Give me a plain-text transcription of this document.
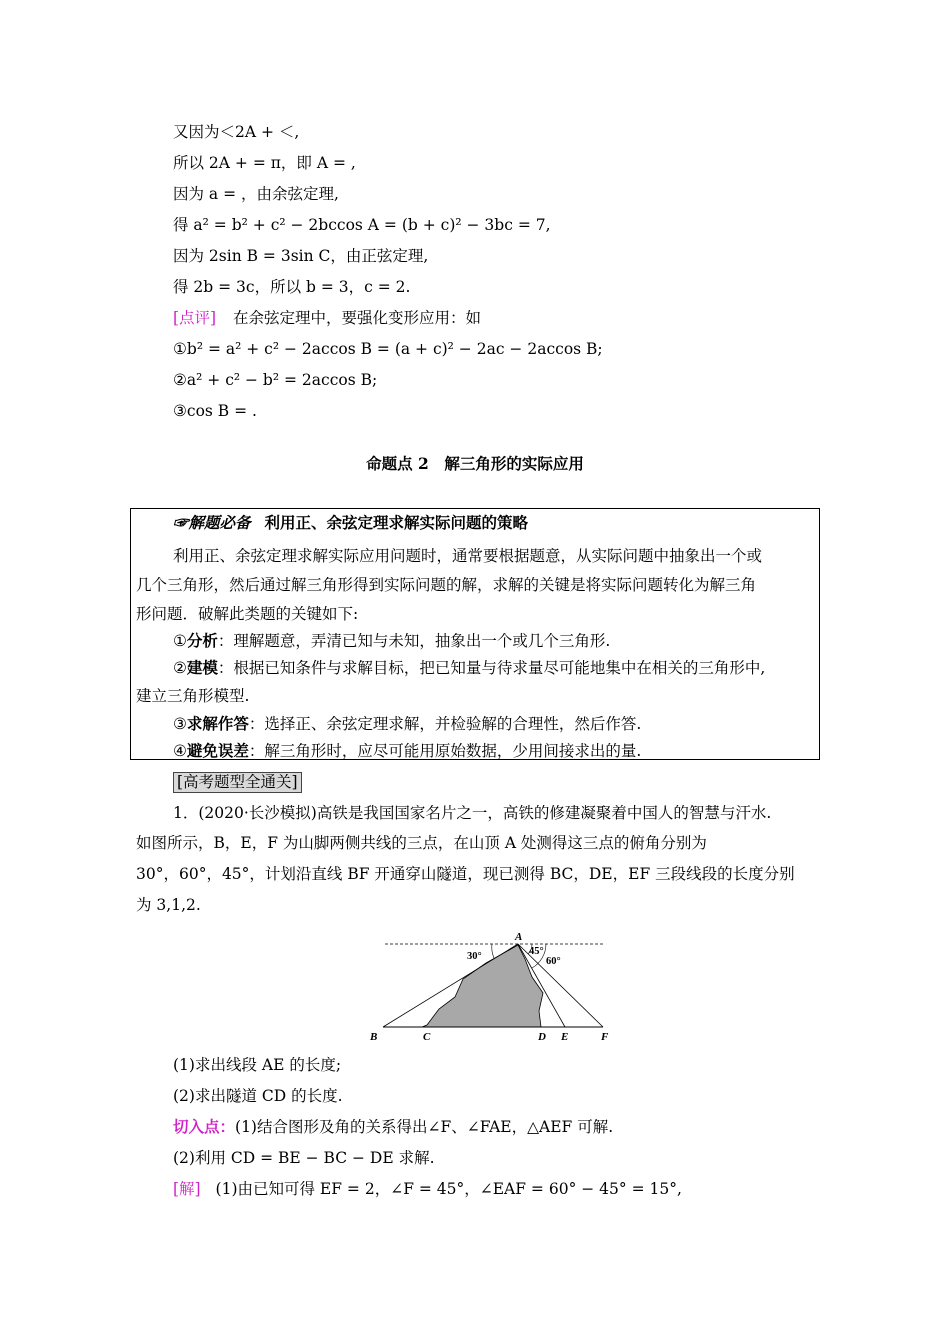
又因为＜2A + ＜,
所以 2A + = π，即 A = ,
因为 a = ，由余弦定理,
得 a² = b² + c² − 2bccos A = (b + c)² − 3bc = 7,
因为 2sin B = 3sin C，由正弦定理,
得 2b = 3c，所以 b = 3，c = 2.
[点评] 在余弦定理中，要强化变形应用：如
①b² = a² + c² − 2accos B = (a + c)² − 2ac − 2accos B;
②a² + c² − b² = 2accos B;
③cos B = .
命题点 2　解三角形的实际应用
☞解题必备 利用正、余弦定理求解实际问题的策略
利用正、余弦定理求解实际应用问题时，通常要根据题意，从实际问题中抽象出一个或
几个三角形，然后通过解三角形得到实际问题的解，求解的关键是将实际问题转化为解三角
形问题．破解此类题的关键如下:
①分析：理解题意，弄清已知与未知，抽象出一个或几个三角形.
②建模：根据已知条件与求解目标，把已知量与待求量尽可能地集中在相关的三角形中,
建立三角形模型.
③求解作答：选择正、余弦定理求解，并检验解的合理性，然后作答.
④避免误差：解三角形时，应尽可能用原始数据，少用间接求出的量.
[高考题型全通关]
1．(2020·长沙模拟)高铁是我国国家名片之一，高铁的修建凝聚着中国人的智慧与汗水.
如图所示，B，E，F 为山脚两侧共线的三点，在山顶 A 处测得这三点的俯角分别为
30°，60°，45°，计划沿直线 BF 开通穿山隧道，现已测得 BC，DE，EF 三段线段的长度分别
为 3,1,2.
A
B	C	D E	F
30°	45°
60°
(1)求出线段 AE 的长度;
(2)求出隧道 CD 的长度.
切入点：(1)结合图形及角的关系得出∠F、∠FAE，△AEF 可解.
(2)利用 CD = BE − BC − DE 求解.
[解] (1)由已知可得 EF = 2，∠F = 45°，∠EAF = 60° − 45° = 15°,
